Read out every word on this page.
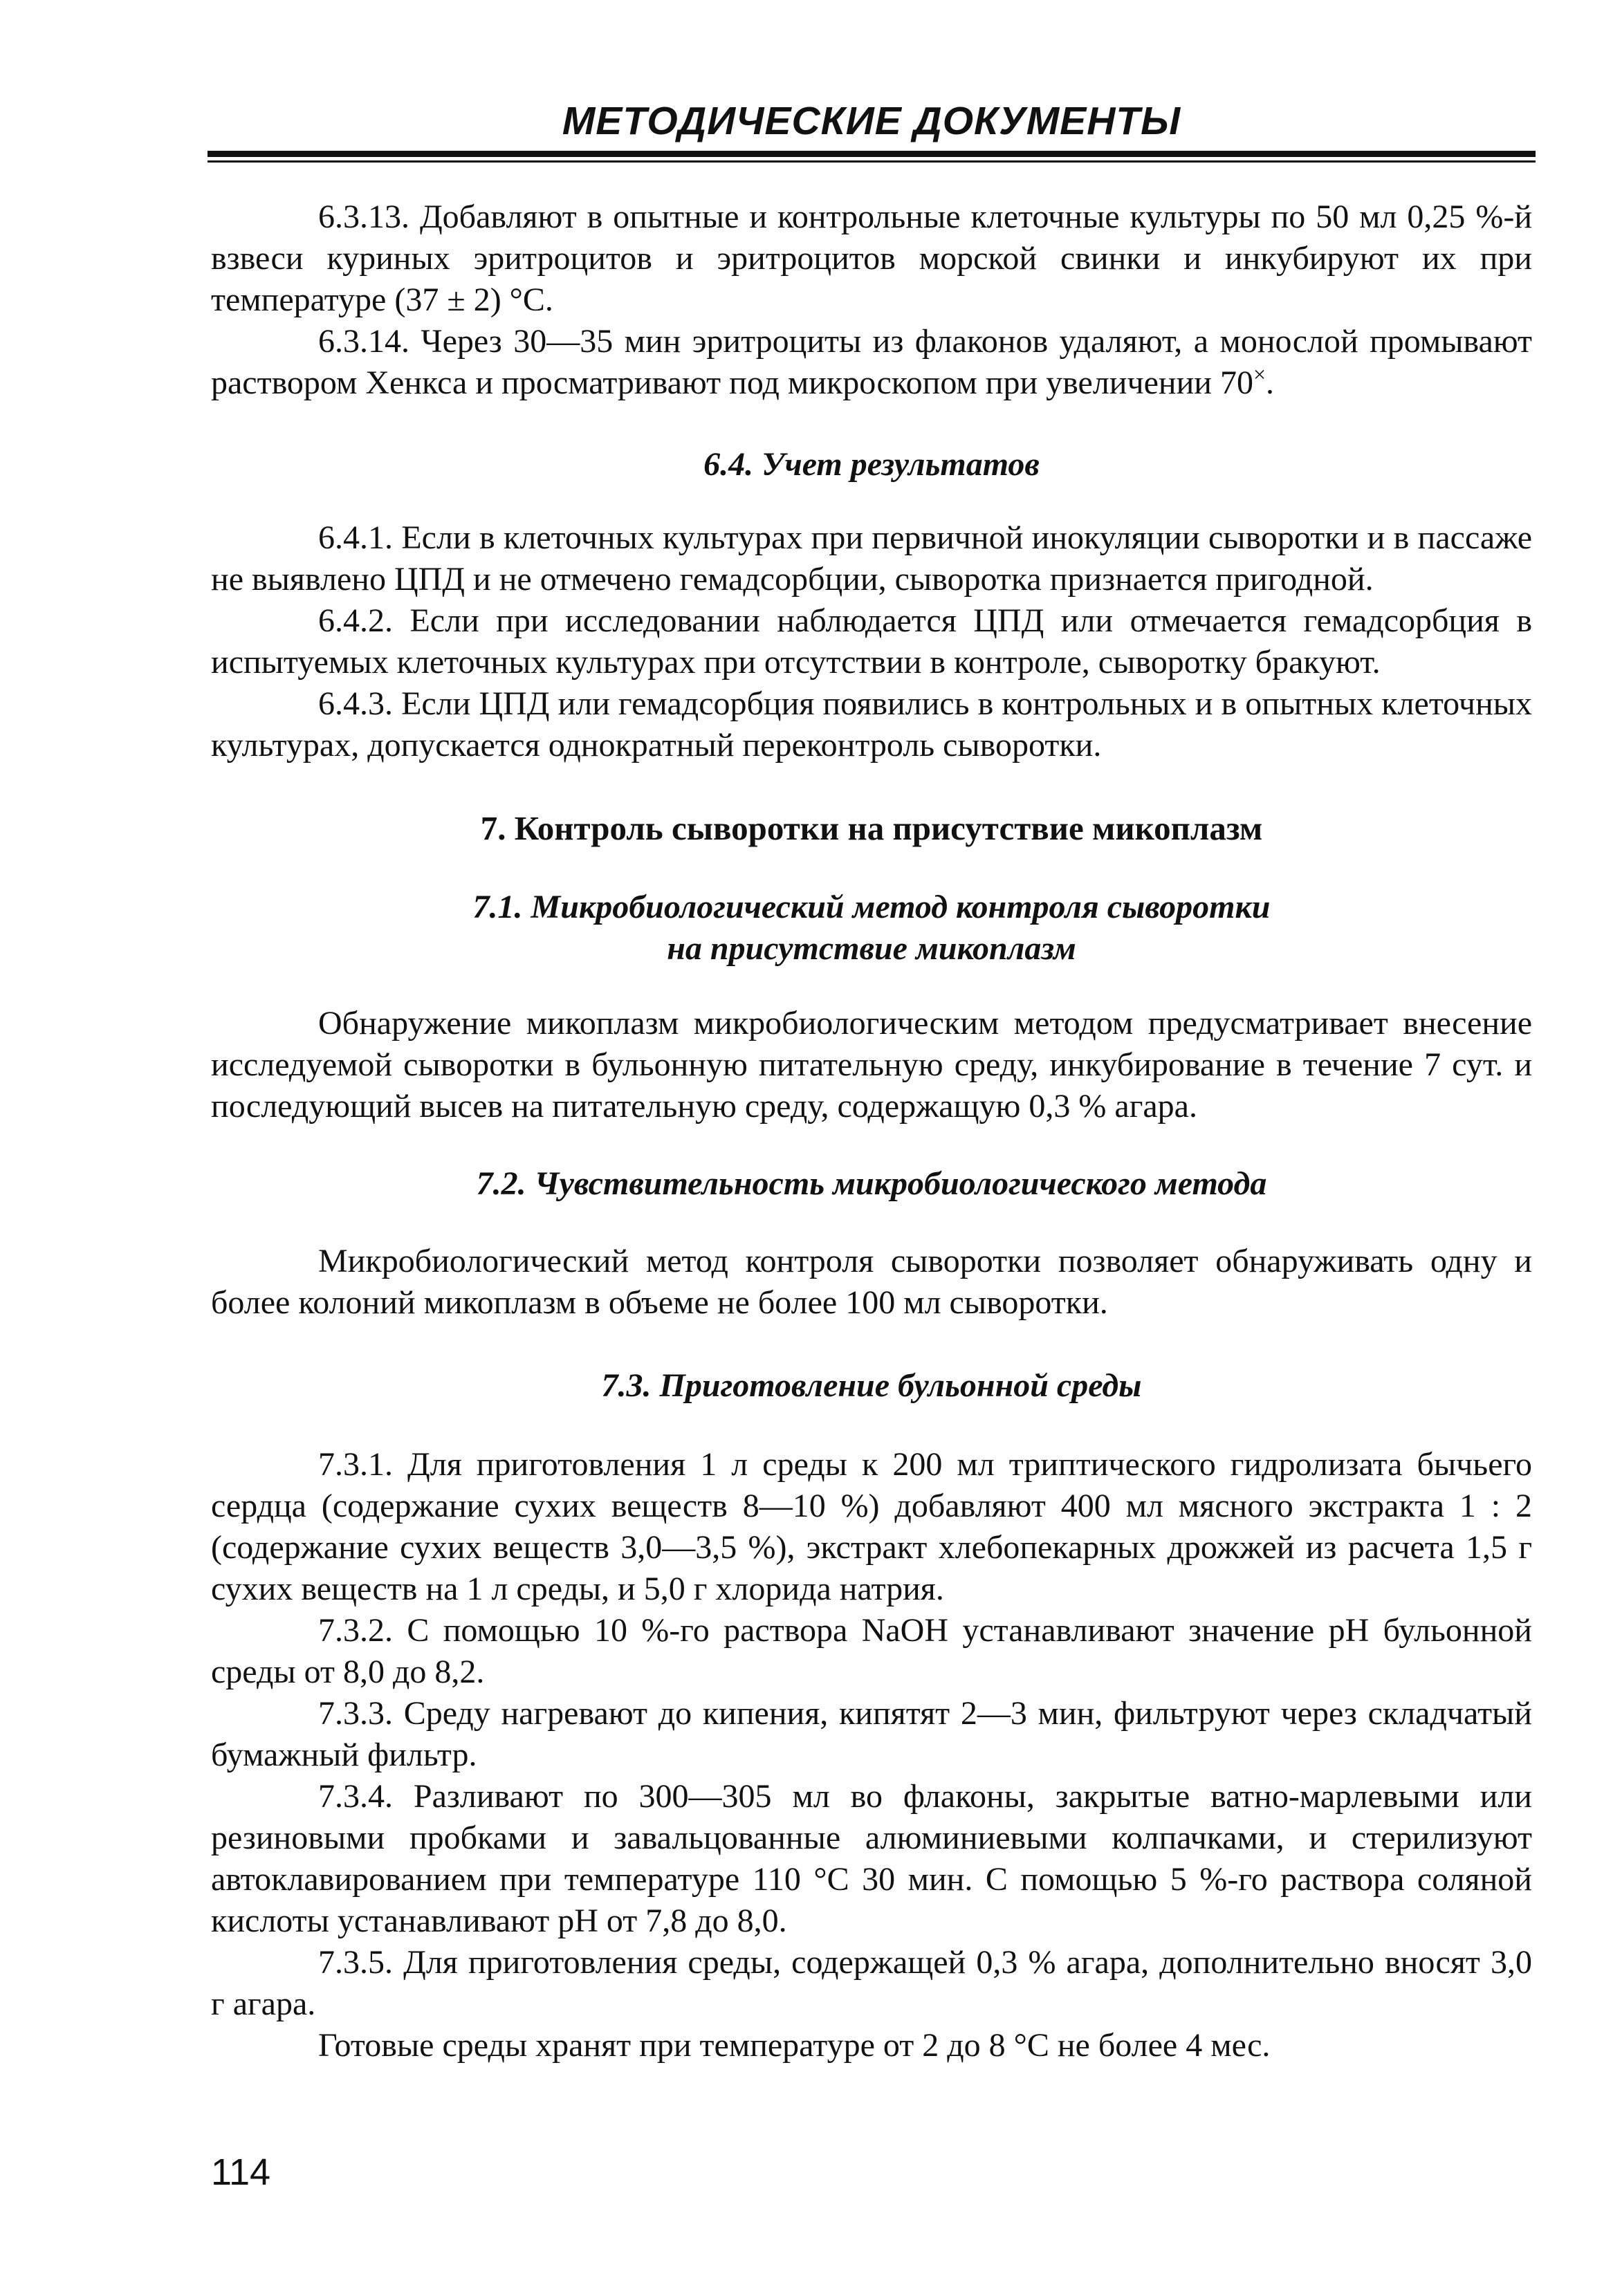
МЕТОДИЧЕСКИЕ ДОКУМЕНТЫ

6.3.13. Добавляют в опытные и контрольные клеточные культуры по 50 мл 0,25 %-й взвеси куриных эритроцитов и эритроцитов морской свинки и инкубируют их при температуре (37 ± 2) °С.

6.3.14. Через 30—35 мин эритроциты из флаконов удаляют, а монослой промывают раствором Хенкса и просматривают под микроскопом при увеличении 70×.

6.4. Учет результатов

6.4.1. Если в клеточных культурах при первичной инокуляции сыворотки и в пассаже не выявлено ЦПД и не отмечено гемадсорбции, сыворотка признается пригодной.

6.4.2. Если при исследовании наблюдается ЦПД или отмечается гемадсорбция в испытуемых клеточных культурах при отсутствии в контроле, сыворотку бракуют.

6.4.3. Если ЦПД или гемадсорбция появились в контрольных и в опытных клеточных культурах, допускается однократный переконтроль сыворотки.

7. Контроль сыворотки на присутствие микоплазм

7.1. Микробиологический метод контроля сыворотки

на присутствие микоплазм

Обнаружение микоплазм микробиологическим методом предусматривает внесение исследуемой сыворотки в бульонную питательную среду, инкубирование в течение 7 сут. и последующий высев на питательную среду, содержащую 0,3 % агара.

7.2. Чувствительность микробиологического метода

Микробиологический метод контроля сыворотки позволяет обнаруживать одну и более колоний микоплазм в объеме не более 100 мл сыворотки.

7.3. Приготовление бульонной среды

7.3.1. Для приготовления 1 л среды к 200 мл триптического гидролизата бычьего сердца (содержание сухих веществ 8—10 %) добавляют 400 мл мясного экстракта 1 : 2 (содержание сухих веществ 3,0—3,5 %), экстракт хлебопекарных дрожжей из расчета 1,5 г сухих веществ на 1 л среды, и 5,0 г хлорида натрия.

7.3.2. С помощью 10 %-го раствора NaOH устанавливают значение рН бульонной среды от 8,0 до 8,2.

7.3.3. Среду нагревают до кипения, кипятят 2—3 мин, фильтруют через складчатый бумажный фильтр.

7.3.4. Разливают по 300—305 мл во флаконы, закрытые ватно-марлевыми или резиновыми пробками и завальцованные алюминиевыми колпачками, и стерилизуют автоклавированием при температуре 110 °С 30 мин. С помощью 5 %-го раствора соляной кислоты устанавливают рН от 7,8 до 8,0.

7.3.5. Для приготовления среды, содержащей 0,3 % агара, дополнительно вносят 3,0 г агара.

Готовые среды хранят при температуре от 2 до 8 °С не более 4 мес.

114
